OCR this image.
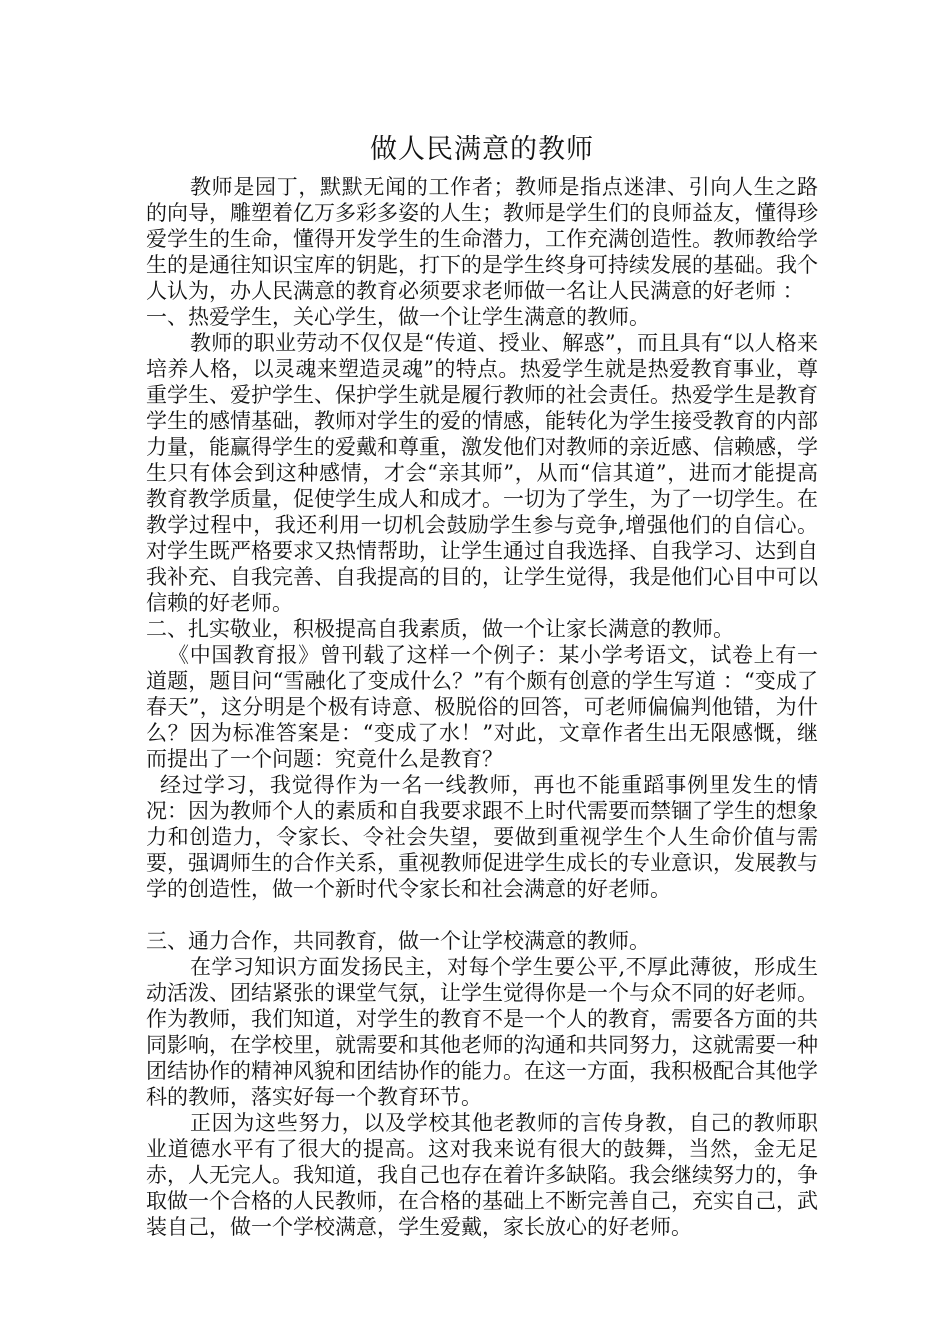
做人民满意的教师

教师是园丁，默默无闻的工作者；教师是指点迷津、引向人生之路的向导，雕塑着亿万多彩多姿的人生；教师是学生们的良师益友，懂得珍爱学生的生命，懂得开发学生的生命潜力，工作充满创造性。教师教给学生的是通往知识宝库的钥匙，打下的是学生终身可持续发展的基础。我个人认为，办人民满意的教育必须要求老师做一名让人民满意的好老师 ：

一、热爱学生，关心学生，做一个让学生满意的教师。

教师的职业劳动不仅仅是“传道、授业、解惑”，而且具有“以人格来培养人格，以灵魂来塑造灵魂”的特点。热爱学生就是热爱教育事业，尊重学生、爱护学生、保护学生就是履行教师的社会责任。热爱学生是教育学生的感情基础，教师对学生的爱的情感，能转化为学生接受教育的内部力量，能赢得学生的爱戴和尊重，激发他们对教师的亲近感、信赖感，学生只有体会到这种感情，才会“亲其师”，从而“信其道”，进而才能提高教育教学质量，促使学生成人和成才。一切为了学生，为了一切学生。在教学过程中，我还利用一切机会鼓励学生参与竞争,增强他们的自信心。对学生既严格要求又热情帮助，让学生通过自我选择、自我学习、达到自我补充、自我完善、自我提高的目的，让学生觉得，我是他们心目中可以信赖的好老师。

二、扎实敬业，积极提高自我素质，做一个让家长满意的教师。

《中国教育报》曾刊载了这样一个例子：某小学考语文，试卷上有一道题，题目问“雪融化了变成什么？”有个颇有创意的学生写道 ：“变成了春天”，这分明是个极有诗意、极脱俗的回答，可老师偏偏判他错，为什么？因为标准答案是：“变成了水！”对此，文章作者生出无限感慨，继而提出了一个问题：究竟什么是教育？

经过学习，我觉得作为一名一线教师，再也不能重蹈事例里发生的情况：因为教师个人的素质和自我要求跟不上时代需要而禁锢了学生的想象力和创造力，令家长、令社会失望，要做到重视学生个人生命价值与需要，强调师生的合作关系，重视教师促进学生成长的专业意识，发展教与学的创造性，做一个新时代令家长和社会满意的好老师。

三、通力合作，共同教育，做一个让学校满意的教师。

在学习知识方面发扬民主，对每个学生要公平,不厚此薄彼，形成生动活泼、团结紧张的课堂气氛，让学生觉得你是一个与众不同的好老师。作为教师，我们知道，对学生的教育不是一个人的教育，需要各方面的共同影响，在学校里，就需要和其他老师的沟通和共同努力，这就需要一种团结协作的精神风貌和团结协作的能力。在这一方面，我积极配合其他学科的教师，落实好每一个教育环节。

正因为这些努力，以及学校其他老教师的言传身教，自己的教师职业道德水平有了很大的提高。这对我来说有很大的鼓舞，当然，金无足赤，人无完人。我知道，我自己也存在着许多缺陷。我会继续努力的，争取做一个合格的人民教师，在合格的基础上不断完善自己，充实自己，武装自己，做一个学校满意，学生爱戴，家长放心的好老师。
